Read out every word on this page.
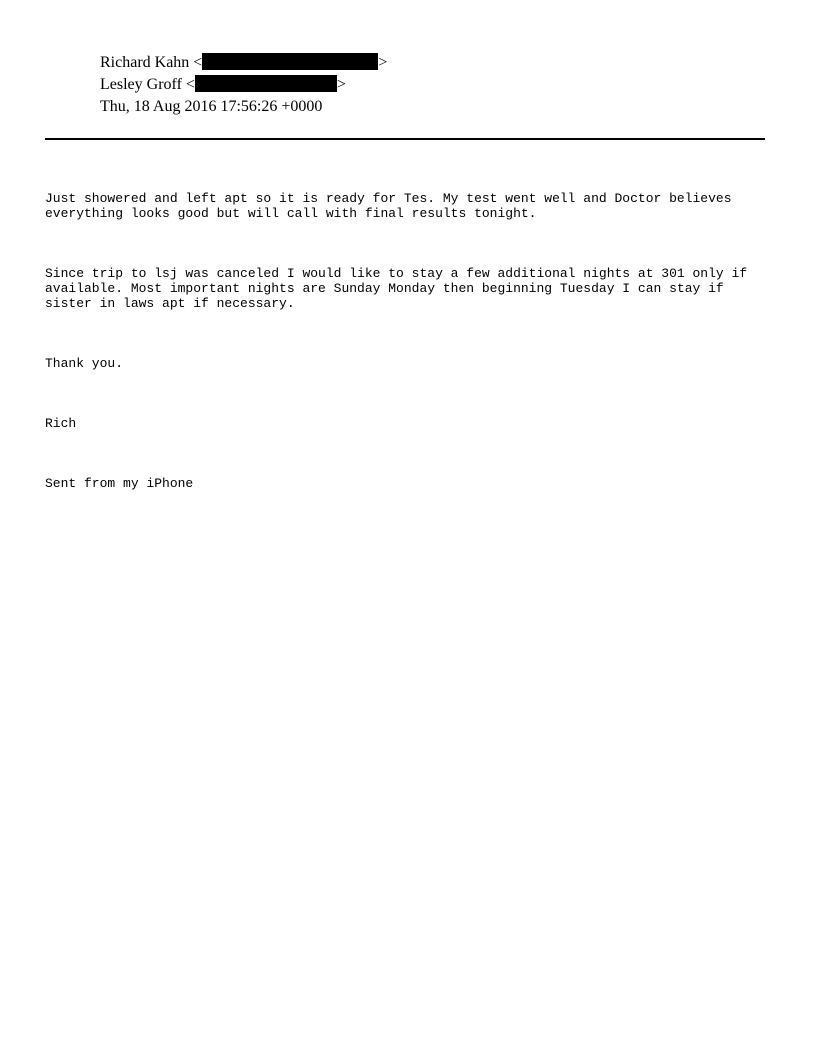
Richard Kahn <	>
Lesley Groff <	>
Thu, 18 Aug 2016 17:56:26 +0000

Just showered and left apt so it is ready for Tes. My test went well and Doctor believes
everything looks good but will call with final results tonight.

Since trip to lsj was canceled I would like to stay a few additional nights at 301 only if
available. Most important nights are Sunday Monday then beginning Tuesday I can stay if
sister in laws apt if necessary.

Thank you.

Rich

Sent from my iPhone
